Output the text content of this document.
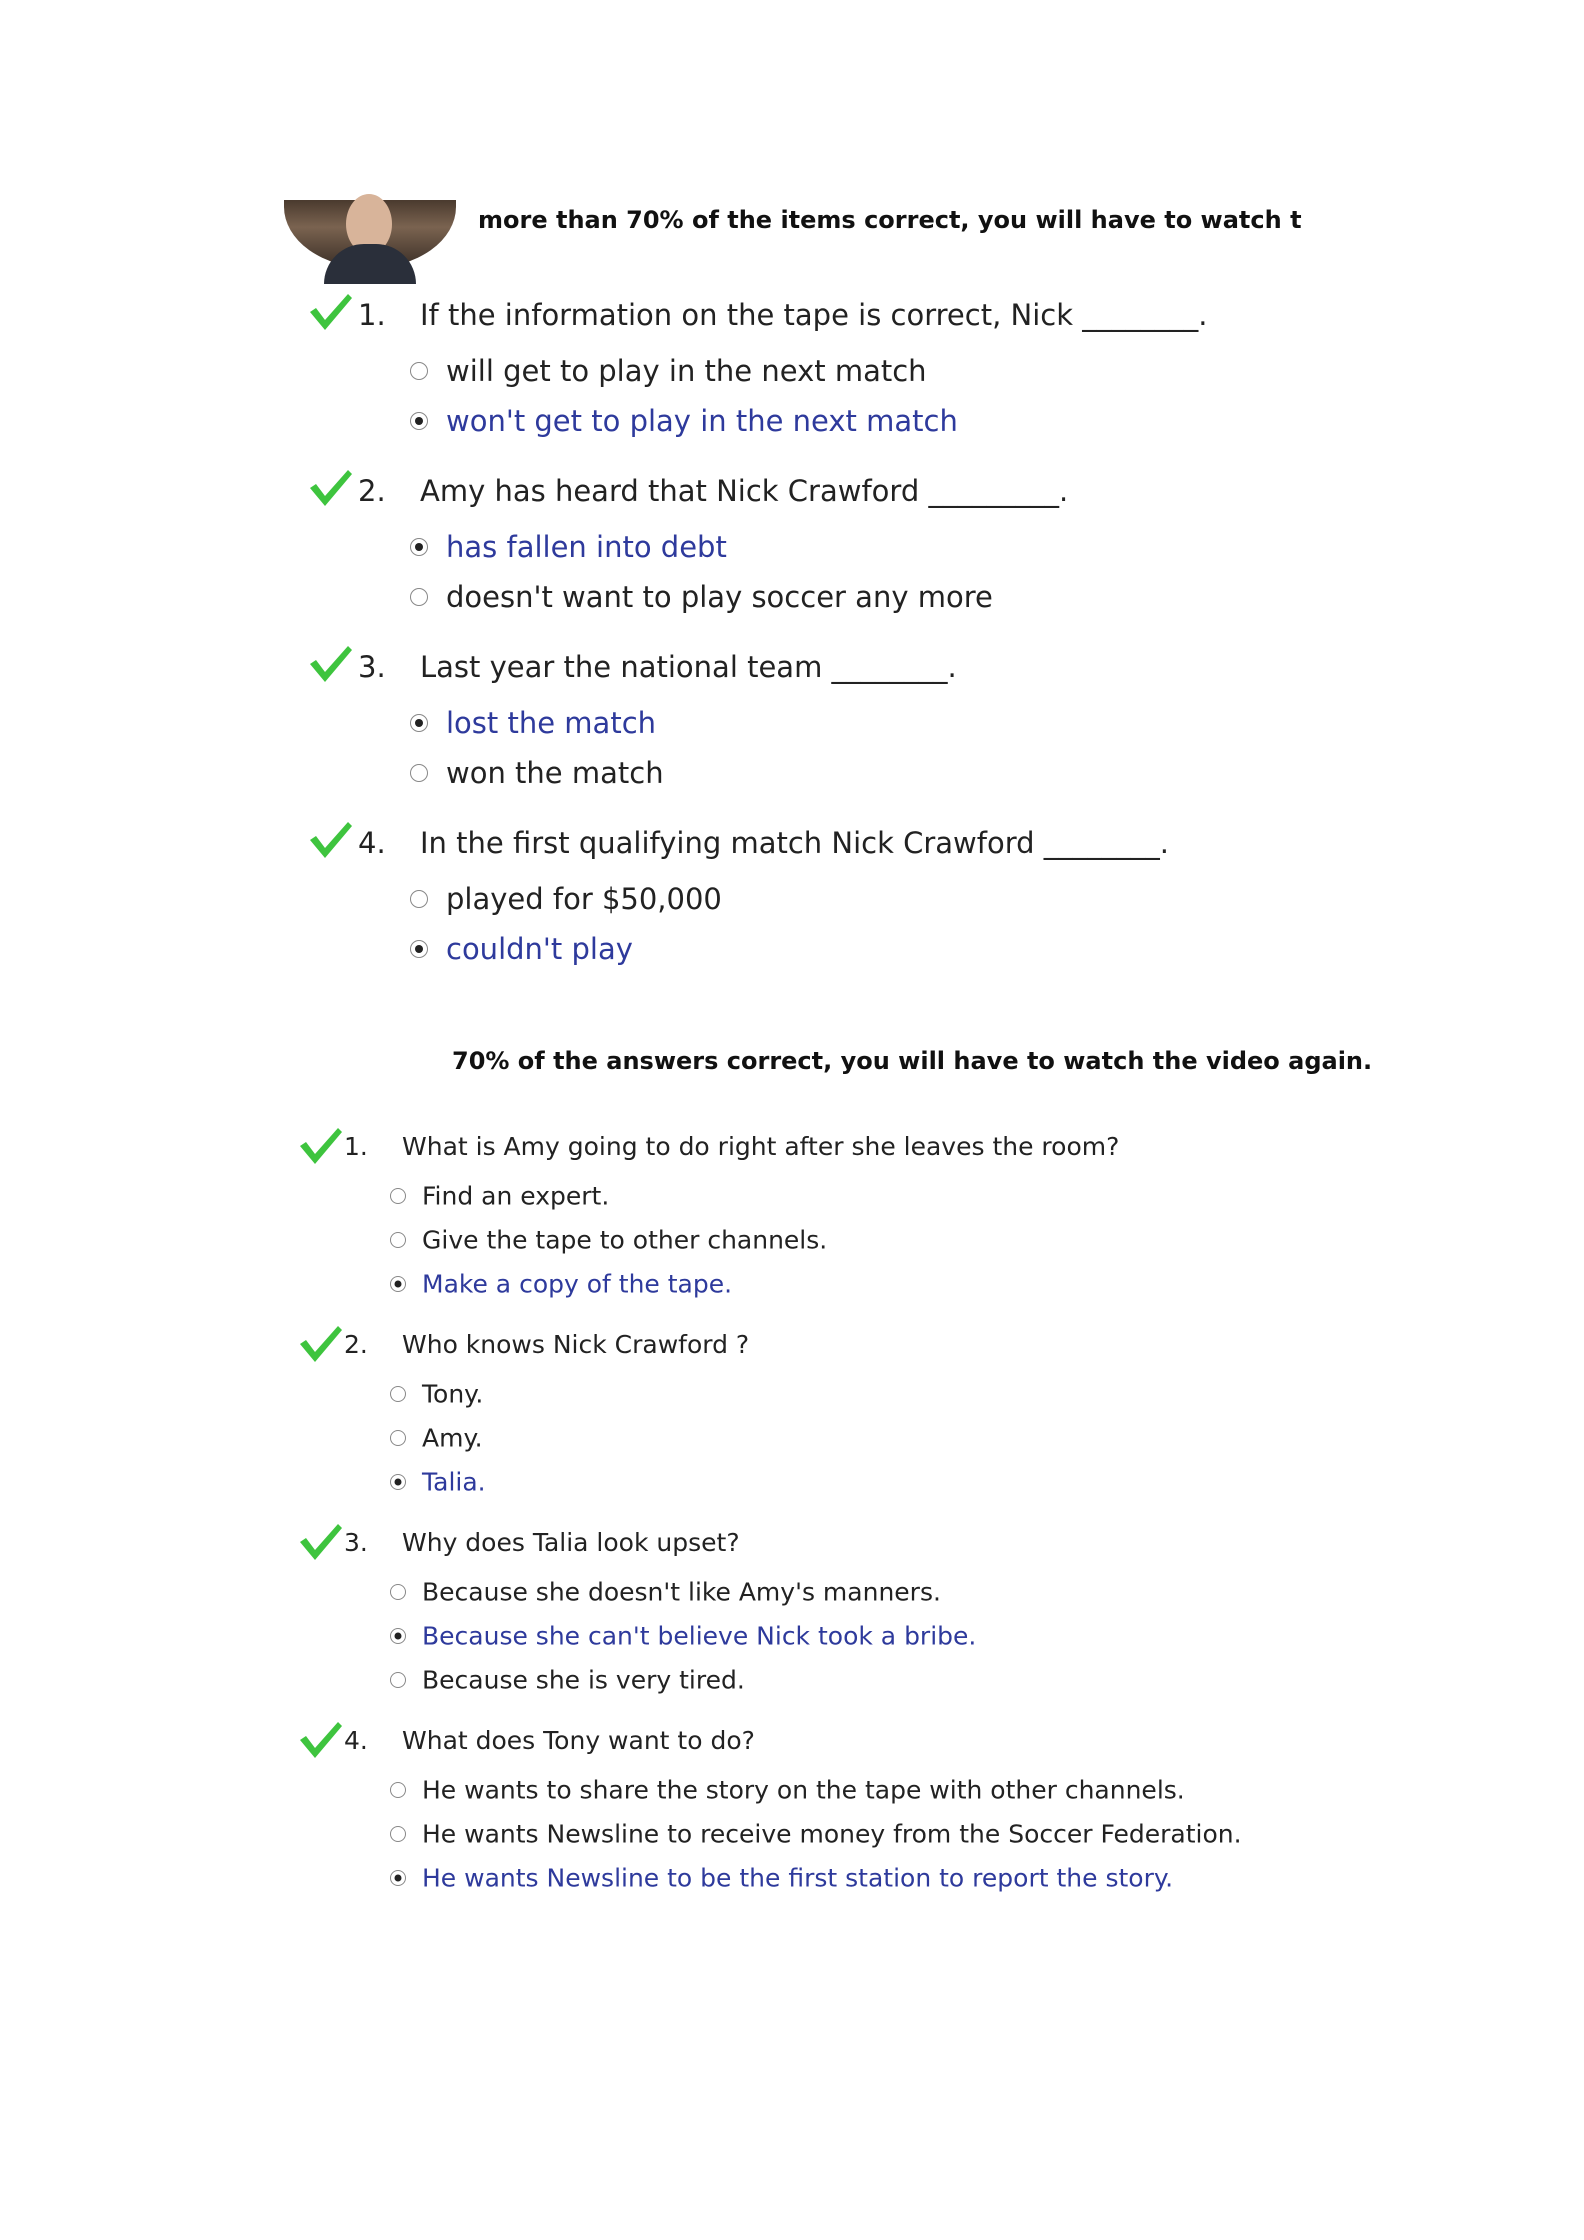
more than 70% of the items correct, you will have to watch t
1. If the information on the tape is correct, Nick ________.
will get to play in the next match
won't get to play in the next match
2. Amy has heard that Nick Crawford _________.
has fallen into debt
doesn't want to play soccer any more
3. Last year the national team ________.
lost the match
won the match
4. In the first qualifying match Nick Crawford ________.
played for $50,000
couldn't play
70% of the answers correct, you will have to watch the video again.
1. What is Amy going to do right after she leaves the room?
Find an expert.
Give the tape to other channels.
Make a copy of the tape.
2. Who knows Nick Crawford ?
Tony.
Amy.
Talia.
3. Why does Talia look upset?
Because she doesn't like Amy's manners.
Because she can't believe Nick took a bribe.
Because she is very tired.
4. What does Tony want to do?
He wants to share the story on the tape with other channels.
He wants Newsline to receive money from the Soccer Federation.
He wants Newsline to be the first station to report the story.
